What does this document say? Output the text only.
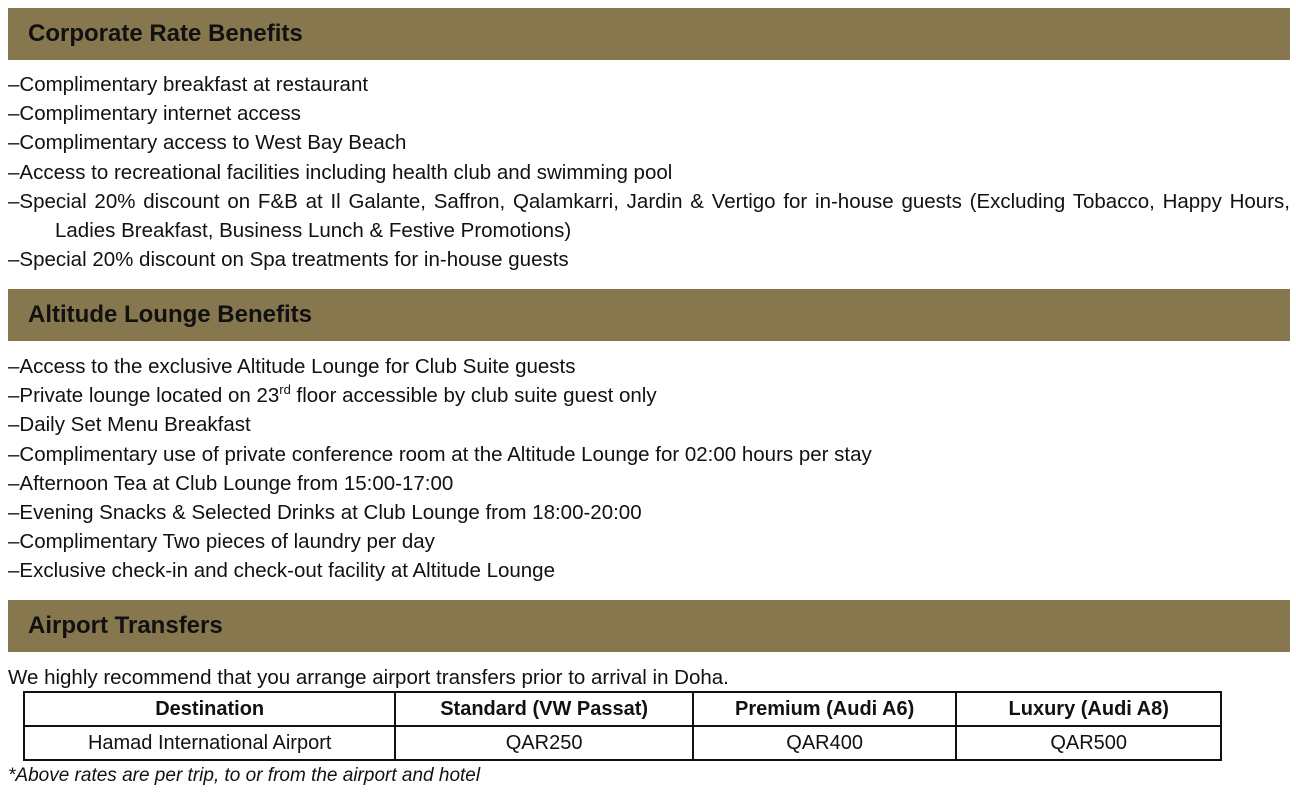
Corporate Rate Benefits
–Complimentary breakfast at restaurant
–Complimentary internet access
–Complimentary access to West Bay Beach
–Access to recreational facilities including health club and swimming pool
–Special 20% discount on F&B at Il Galante, Saffron, Qalamkarri, Jardin & Vertigo for in-house guests (Excluding Tobacco, Happy Hours, Ladies Breakfast, Business Lunch & Festive Promotions)
–Special 20% discount on Spa treatments for in-house guests
Altitude Lounge Benefits
–Access to the exclusive Altitude Lounge for Club Suite guests
–Private lounge located on 23rd floor accessible by club suite guest only
–Daily Set Menu Breakfast
–Complimentary use of private conference room at the Altitude Lounge for 02:00 hours per stay
–Afternoon Tea at Club Lounge from 15:00-17:00
–Evening Snacks & Selected Drinks at Club Lounge from 18:00-20:00
–Complimentary Two pieces of laundry per day
–Exclusive check-in and check-out facility at Altitude Lounge
Airport Transfers
We highly recommend that you arrange airport transfers prior to arrival in Doha.
Destination	Standard (VW Passat)	Premium (Audi A6)	Luxury (Audi A8)
Hamad International Airport	QAR250	QAR400	QAR500
*Above rates are per trip, to or from the airport and hotel
